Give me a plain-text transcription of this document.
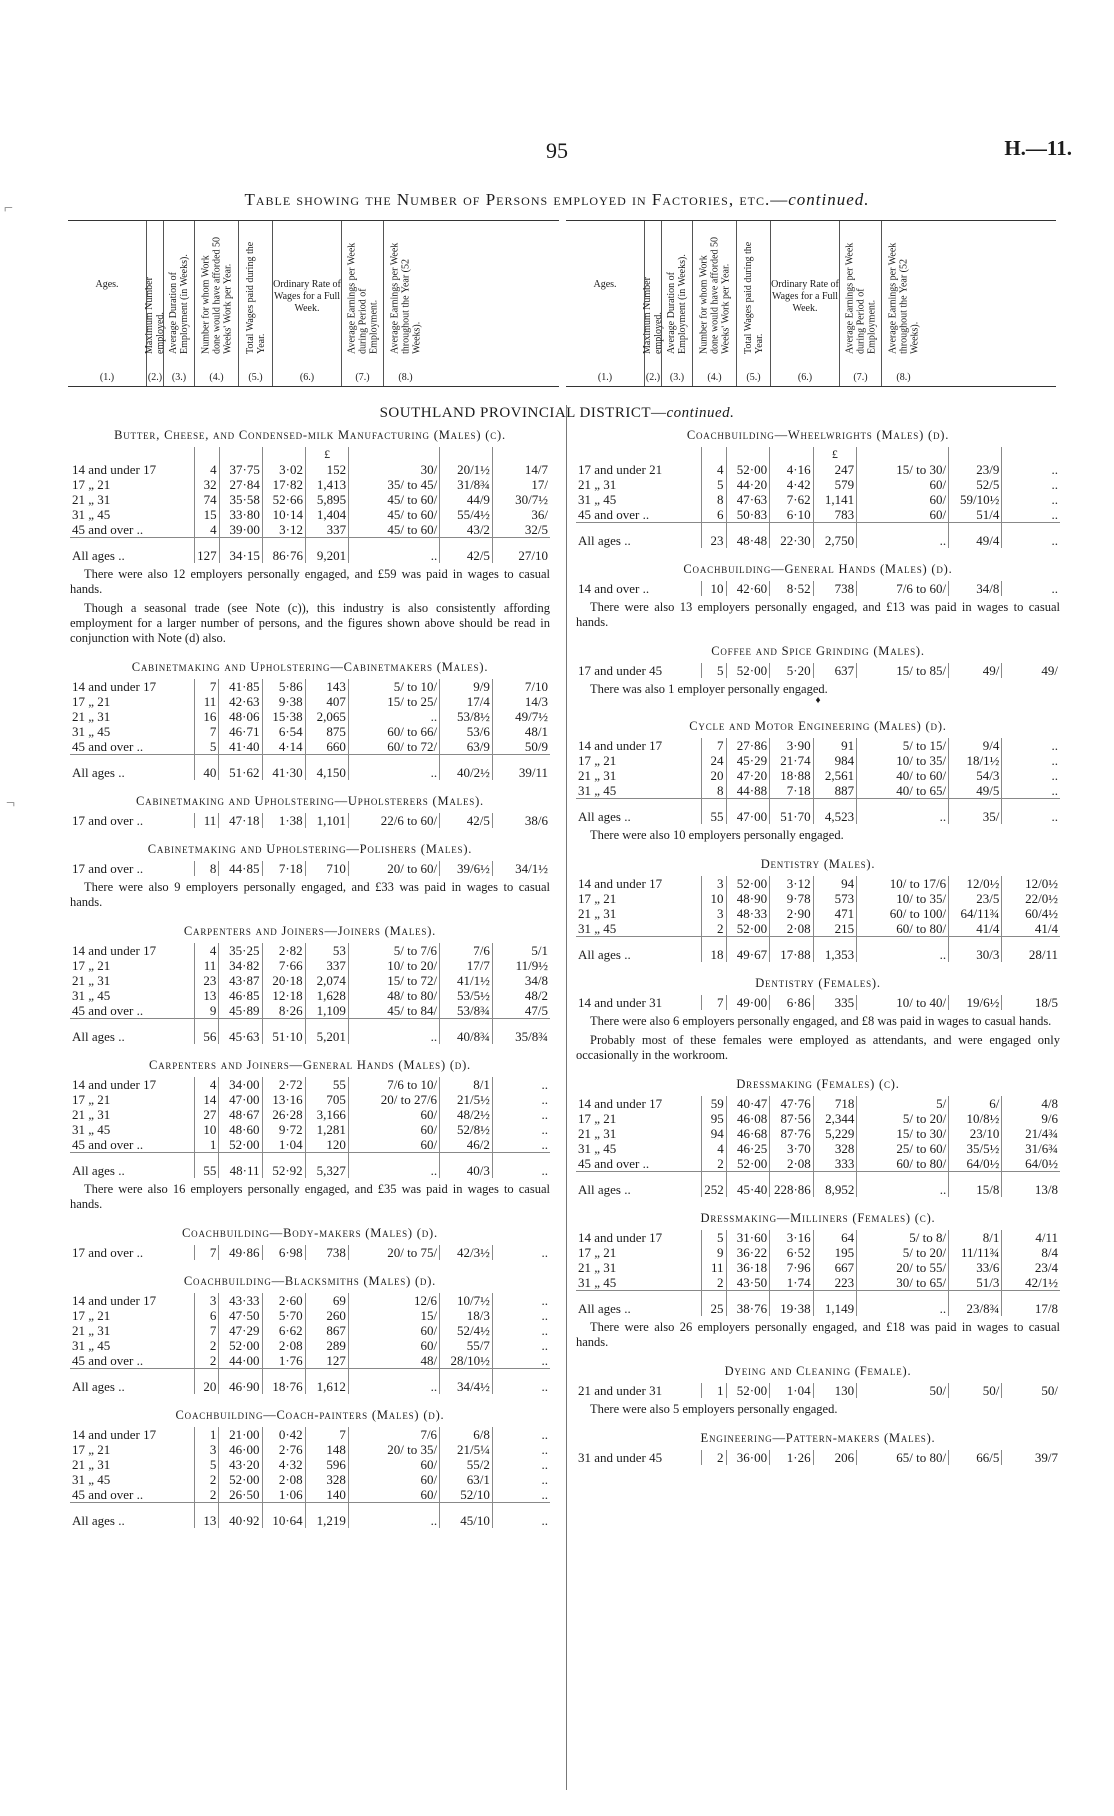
95	H.—11.
Table showing the Number of Persons employed in Factories, etc.—continued.
Ages.
(1.)
Maximum Number employed.
(2.)
Average Duration of Employment (in Weeks).
(3.)
Number for whom Work done would have afforded 50 Weeks' Work per Year.
(4.)
Total Wages paid during the Year.
(5.)
Ordinary Rate of Wages for a Full Week.
(6.)
Average Earnings per Week during Period of Employment.
(7.)
Average Earnings per Week throughout the Year (52 Weeks).
(8.)
Ages.
(1.)
Maximum Number employed.
(2.)
Average Duration of Employment (in Weeks).
(3.)
Number for whom Work done would have afforded 50 Weeks' Work per Year.
(4.)
Total Wages paid during the Year.
(5.)
Ordinary Rate of Wages for a Full Week.
(6.)
Average Earnings per Week during Period of Employment.
(7.)
Average Earnings per Week throughout the Year (52 Weeks).
(8.)
SOUTHLAND PROVINCIAL DISTRICT—continued.
Butter, Cheese, and Condensed-milk Manufacturing (Males) (c).
				£			
14 and under 17	4	37·75	3·02	152	30/	20/1½	14/7
17 „ 21	32	27·84	17·82	1,413	35/ to 45/	31/8¾	17/
21 „ 31	74	35·58	52·66	5,895	45/ to 60/	44/9	30/7½
31 „ 45	15	33·80	10·14	1,404	45/ to 60/	55/4½	36/
45 and over ..	4	39·00	3·12	337	45/ to 60/	43/2	32/5
All ages ..	127	34·15	86·76	9,201	..	42/5	27/10

There were also 12 employers personally engaged, and £59 was paid in wages to casual hands.

Though a seasonal trade (see Note (c)), this industry is also consistently affording employment for a larger number of persons, and the figures shown above should be read in conjunction with Note (d) also.

Cabinetmaking and Upholstering—Cabinetmakers (Males).
14 and under 17	7	41·85	5·86	143	5/ to 10/	9/9	7/10
17 „ 21	11	42·63	9·38	407	15/ to 25/	17/4	14/3
21 „ 31	16	48·06	15·38	2,065	..	53/8½	49/7½
31 „ 45	7	46·71	6·54	875	60/ to 66/	53/6	48/1
45 and over ..	5	41·40	4·14	660	60/ to 72/	63/9	50/9
All ages ..	40	51·62	41·30	4,150	..	40/2½	39/11
Cabinetmaking and Upholstering—Upholsterers (Males).
17 and over ..	11	47·18	1·38	1,101	22/6 to 60/	42/5	38/6
Cabinetmaking and Upholstering—Polishers (Males).
17 and over ..	8	44·85	7·18	710	20/ to 60/	39/6½	34/1½

There were also 9 employers personally engaged, and £33 was paid in wages to casual hands.

Carpenters and Joiners—Joiners (Males).
14 and under 17	4	35·25	2·82	53	5/ to 7/6	7/6	5/1
17 „ 21	11	34·82	7·66	337	10/ to 20/	17/7	11/9½
21 „ 31	23	43·87	20·18	2,074	15/ to 72/	41/1½	34/8
31 „ 45	13	46·85	12·18	1,628	48/ to 80/	53/5½	48/2
45 and over ..	9	45·89	8·26	1,109	45/ to 84/	53/8¾	47/5
All ages ..	56	45·63	51·10	5,201	..	40/8¾	35/8¾
Carpenters and Joiners—General Hands (Males) (d).
14 and under 17	4	34·00	2·72	55	7/6 to 10/	8/1	..
17 „ 21	14	47·00	13·16	705	20/ to 27/6	21/5½	..
21 „ 31	27	48·67	26·28	3,166	60/	48/2½	..
31 „ 45	10	48·60	9·72	1,281	60/	52/8½	..
45 and over ..	1	52·00	1·04	120	60/	46/2	..
All ages ..	55	48·11	52·92	5,327	..	40/3	..

There were also 16 employers personally engaged, and £35 was paid in wages to casual hands.

Coachbuilding—Body-makers (Males) (d).
17 and over ..	7	49·86	6·98	738	20/ to 75/	42/3½	..
Coachbuilding—Blacksmiths (Males) (d).
14 and under 17	3	43·33	2·60	69	12/6	10/7½	..
17 „ 21	6	47·50	5·70	260	15/	18/3	..
21 „ 31	7	47·29	6·62	867	60/	52/4½	..
31 „ 45	2	52·00	2·08	289	60/	55/7	..
45 and over ..	2	44·00	1·76	127	48/	28/10½	..
All ages ..	20	46·90	18·76	1,612	..	34/4½	..
Coachbuilding—Coach-painters (Males) (d).
14 and under 17	1	21·00	0·42	7	7/6	6/8	..
17 „ 21	3	46·00	2·76	148	20/ to 35/	21/5¼	..
21 „ 31	5	43·20	4·32	596	60/	55/2	..
31 „ 45	2	52·00	2·08	328	60/	63/1	..
45 and over ..	2	26·50	1·06	140	60/	52/10	..
All ages ..	13	40·92	10·64	1,219	..	45/10	..
Coachbuilding—Wheelwrights (Males) (d).
				£			
17 and under 21	4	52·00	4·16	247	15/ to 30/	23/9	..
21 „ 31	5	44·20	4·42	579	60/	52/5	..
31 „ 45	8	47·63	7·62	1,141	60/	59/10½	..
45 and over ..	6	50·83	6·10	783	60/	51/4	..
All ages ..	23	48·48	22·30	2,750	..	49/4	..
Coachbuilding—General Hands (Males) (d).
14 and over ..	10	42·60	8·52	738	7/6 to 60/	34/8	..

There were also 13 employers personally engaged, and £13 was paid in wages to casual hands.

Coffee and Spice Grinding (Males).
17 and under 45	5	52·00	5·20	637	15/ to 85/	49/	49/

There was also 1 employer personally engaged.

♦

Cycle and Motor Engineering (Males) (d).
14 and under 17	7	27·86	3·90	91	5/ to 15/	9/4	..
17 „ 21	24	45·29	21·74	984	10/ to 35/	18/1½	..
21 „ 31	20	47·20	18·88	2,561	40/ to 60/	54/3	..
31 „ 45	8	44·88	7·18	887	40/ to 65/	49/5	..
All ages ..	55	47·00	51·70	4,523	..	35/	..

There were also 10 employers personally engaged.

Dentistry (Males).
14 and under 17	3	52·00	3·12	94	10/ to 17/6	12/0½	12/0½
17 „ 21	10	48·90	9·78	573	10/ to 35/	23/5	22/0½
21 „ 31	3	48·33	2·90	471	60/ to 100/	64/11¾	60/4½
31 „ 45	2	52·00	2·08	215	60/ to 80/	41/4	41/4
All ages ..	18	49·67	17·88	1,353	..	30/3	28/11
Dentistry (Females).
14 and under 31	7	49·00	6·86	335	10/ to 40/	19/6½	18/5

There were also 6 employers personally engaged, and £8 was paid in wages to casual hands.

Probably most of these females were employed as attendants, and were engaged only occasionally in the workroom.

Dressmaking (Females) (c).
14 and under 17	59	40·47	47·76	718	5/	6/	4/8
17 „ 21	95	46·08	87·56	2,344	5/ to 20/	10/8½	9/6
21 „ 31	94	46·68	87·76	5,229	15/ to 30/	23/10	21/4¾
31 „ 45	4	46·25	3·70	328	25/ to 60/	35/5½	31/6¾
45 and over ..	2	52·00	2·08	333	60/ to 80/	64/0½	64/0½
All ages ..	252	45·40	228·86	8,952	..	15/8	13/8
Dressmaking—Milliners (Females) (c).
14 and under 17	5	31·60	3·16	64	5/ to 8/	8/1	4/11
17 „ 21	9	36·22	6·52	195	5/ to 20/	11/11¾	8/4
21 „ 31	11	36·18	7·96	667	20/ to 55/	33/6	23/4
31 „ 45	2	43·50	1·74	223	30/ to 65/	51/3	42/1½
All ages ..	25	38·76	19·38	1,149	..	23/8¾	17/8

There were also 26 employers personally engaged, and £18 was paid in wages to casual hands.

Dyeing and Cleaning (Female).
21 and under 31	1	52·00	1·04	130	50/	50/	50/

There were also 5 employers personally engaged.

Engineering—Pattern-makers (Males).
31 and under 45	2	36·00	1·26	206	65/ to 80/	66/5	39/7
⌐
¬
